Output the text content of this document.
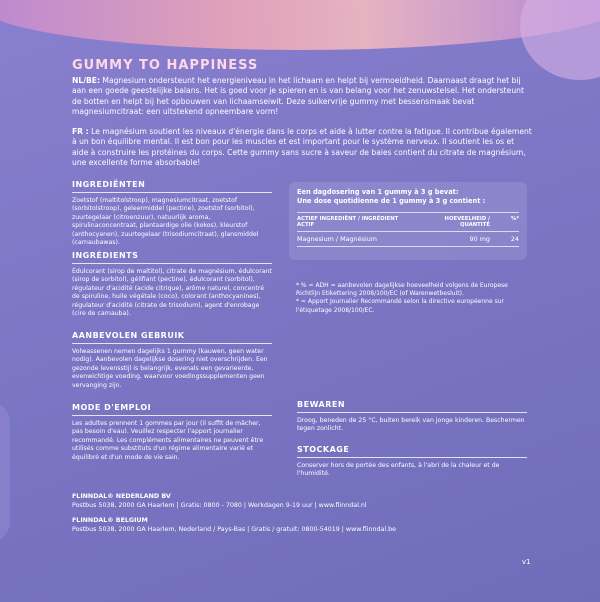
GUMMY TO HAPPINESS
NL/BE: Magnesium ondersteunt het energieniveau in het lichaam en helpt bij vermoeidheid. Daarnaast draagt het bij aan een goede geestelijke balans. Het is goed voor je spieren en is van belang voor het zenuwstelsel. Het ondersteunt de botten en helpt bij het opbouwen van lichaamseiwit. Deze suikervrije gummy met bessensmaak bevat magnesiumcitraat: een uitstekend opneembare vorm!
FR : Le magnésium soutient les niveaux d'énergie dans le corps et aide à lutter contre la fatigue. Il contribue également à un bon équilibre mental. Il est bon pour les muscles et est important pour le système nerveux. Il soutient les os et aide à construire les protéines du corps. Cette gummy sans sucre à saveur de baies contient du citrate de magnésium, une excellente forme absorbable!
INGREDIËNTEN

Zoetstof (maltitolstroop), magnesiumcitraat, zoetstof (sorbitolstroop), geleermiddel (pectine), zoetstof (sorbitol), zuurtegelaar (citroenzuur), natuurlijk aroma, spirulinaconcentraat, plantaardige olie (kokos), kleurstof (anthocyanen), zuurtegelaar (trisodiumcitraat), glansmiddel (carnaubawas).

INGRÉDIENTS

Édulcorant (sirop de maltitol), citrate de magnésium, édulcorant (sirop de sorbitol), gélifiant (pectine), édulcorant (sorbitol), régulateur d'acidité (acide citrique), arôme naturel, concentré de spiruline, huile végétale (coco), colorant (anthocyanines), régulateur d'acidité (citrate de trisodium), agent d'enrobage (cire de carnauba).

AANBEVOLEN GEBRUIK

Volwassenen nemen dagelijks 1 gummy (kauwen, geen water nodig). Aanbevolen dagelijkse dosering niet overschrijden. Een gezonde levensstijl is belangrijk, evenals een gevarieerde, evenwichtige voeding, waarvoor voedingssupplementen geen vervanging zijn.

MODE D'EMPLOI

Les adultes prennent 1 gommes par jour (il suffit de mâcher, pas besoin d'eau). Veuillez respecter l'apport journalier recommandé. Les compléments alimentaires ne peuvent être utilisés comme substituts d'un régime alimentaire varié et équilibré et d'un mode de vie sain.

Een dagdosering van 1 gummy à 3 g bevat:
Une dose quotidienne de 1 gummy à 3 g contient :
ACTIEF INGREDIËNT / INGRÉDIENT ACTIF
HOEVEELHEID / QUANTITÉ
%*
Magnesium / Magnésium	90 mg	24
* % = ADH = aanbevolen dagelijkse hoeveelheid volgens de Europese Richtlijn Etikettering 2008/100/EC (of Warenwetbesluit).
* = Apport Journalier Recommandé selon la directive européenne sur l'étiquetage 2008/100/EC.
BEWAREN

Droog, beneden de 25 °C, buiten bereik van jonge kinderen. Beschermen tegen zonlicht.

STOCKAGE

Conserver hors de portée des enfants, à l'abri de la chaleur et de l'humidité.

FLINNDAL® NEDERLAND BV
Postbus 5038, 2000 GA Haarlem | Gratis: 0800 - 7080 | Werkdagen 9-19 uur | www.flinndal.nl
FLINNDAL® BELGIUM
Postbus 5038, 2000 GA Haarlem, Nederland / Pays-Bas | Gratis / gratuit: 0800-54019 | www.flinndal.be
v1
